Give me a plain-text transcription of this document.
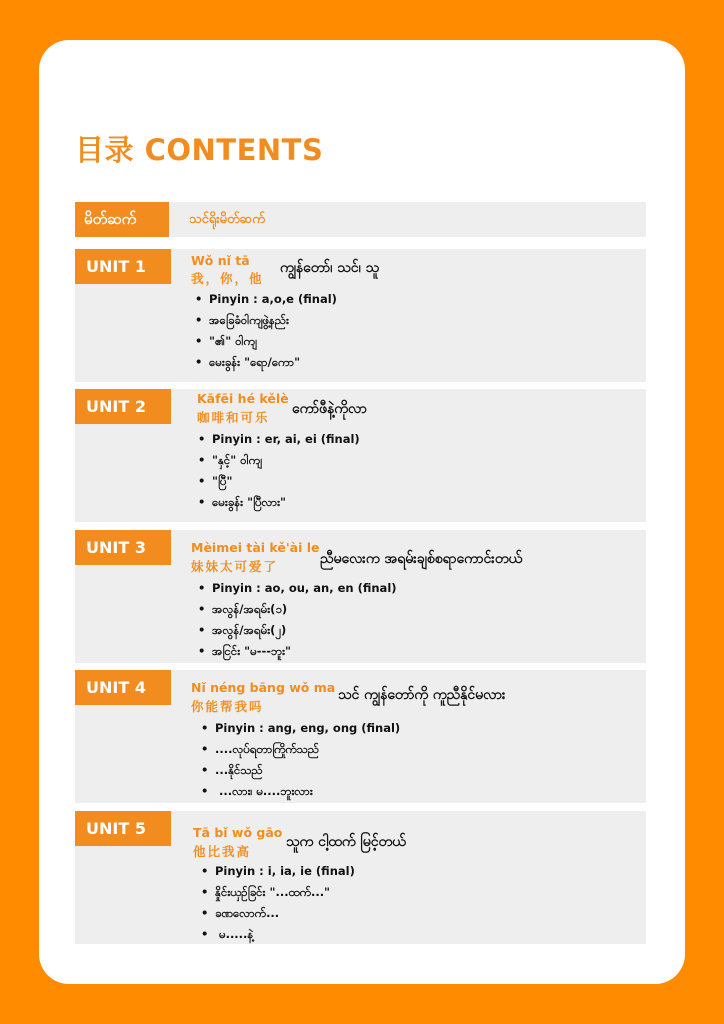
目录 CONTENTS
မိတ်ဆက်	သင်ရိုးမိတ်ဆက်
UNIT 1	Wǒ nǐ tā
我，你，他
ကျွန်တော်၊ သင်၊ သူ
• Pinyin : a,o,e (final)
• အခြေခံဝါကျဖွဲ့နည်း
• "၏" ဝါကျ
• မေးခွန်း "ရော/ကော"
UNIT 2	Kāfēi hé kělè
咖啡和可乐
ကော်ဖီနဲ့ကိုလာ
• Pinyin : er, ai, ei (final)
• "နှင့်" ဝါကျ
• "ပြီ"
• မေးခွန်း "ပြီလား"
UNIT 3	Mèimei tài kě'ài le
妹妹太可爱了	ညီမလေးက အရမ်းချစ်စရာကောင်းတယ်
• Pinyin : ao, ou, an, en (final)
• အလွန်/အရမ်း(၁)
• အလွန်/အရမ်း(၂)
• အငြင်း "မ---ဘူး"
UNIT 4	Nǐ néng bāng wǒ ma
你能帮我吗
သင် ကျွန်တော်ကို ကူညီနိုင်မလား
• Pinyin : ang, eng, ong (final)
• ....လုပ်ရတာကြိုက်သည်
• ...နိုင်သည်
• ...လား၊ မ....ဘူးလား
UNIT 5	Tā bǐ wǒ gāo
他比我高
သူက ငါ့ထက် မြင့်တယ်
• Pinyin : i, ia, ie (final)
• နှိုင်းယှဉ်ခြင်း "...ထက်..."
• ခဏလောက်...
• မ.....နဲ့
